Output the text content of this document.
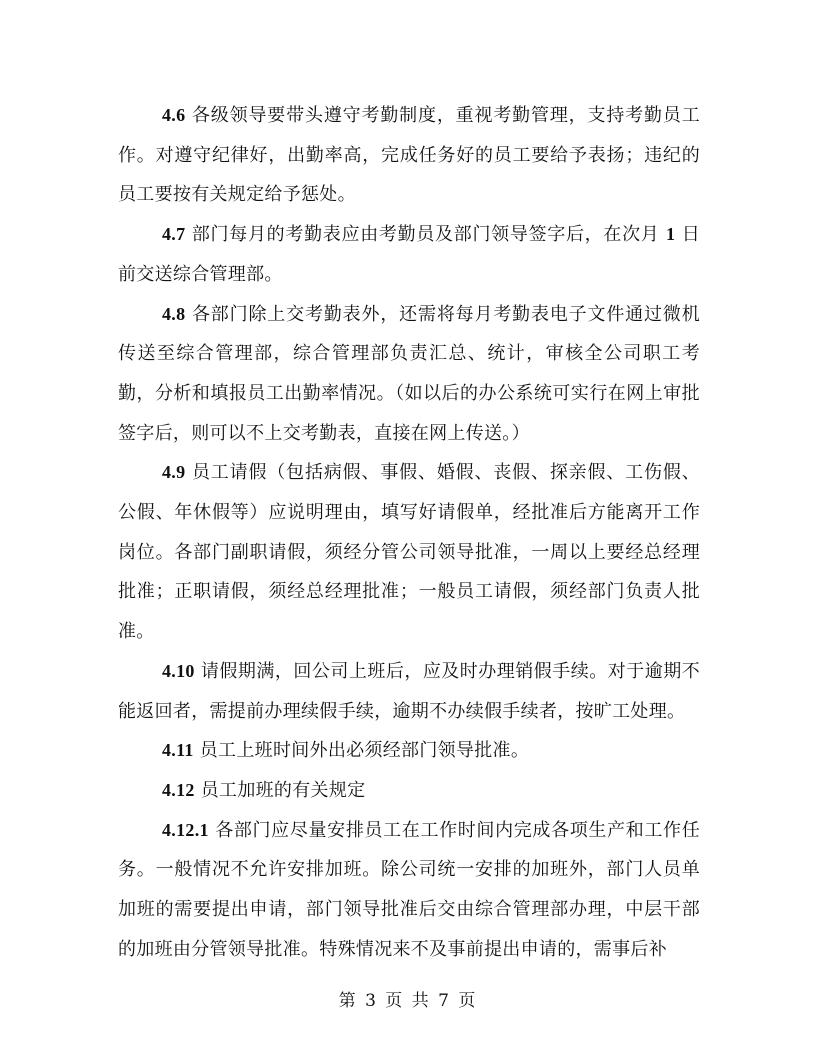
4.6 各级领导要带头遵守考勤制度，重视考勤管理，支持考勤员工作。对遵守纪律好，出勤率高，完成任务好的员工要给予表扬；违纪的员工要按有关规定给予惩处。

4.7 部门每月的考勤表应由考勤员及部门领导签字后，在次月 1 日前交送综合管理部。

4.8 各部门除上交考勤表外，还需将每月考勤表电子文件通过微机传送至综合管理部，综合管理部负责汇总、统计，审核全公司职工考勤，分析和填报员工出勤率情况。（如以后的办公系统可实行在网上审批签字后，则可以不上交考勤表，直接在网上传送。）

4.9 员工请假（包括病假、事假、婚假、丧假、探亲假、工伤假、公假、年休假等）应说明理由，填写好请假单，经批准后方能离开工作岗位。各部门副职请假，须经分管公司领导批准，一周以上要经总经理批准；正职请假，须经总经理批准；一般员工请假，须经部门负责人批准。

4.10 请假期满，回公司上班后，应及时办理销假手续。对于逾期不能返回者，需提前办理续假手续，逾期不办续假手续者，按旷工处理。

4.11 员工上班时间外出必须经部门领导批准。

4.12 员工加班的有关规定

4.12.1 各部门应尽量安排员工在工作时间内完成各项生产和工作任务。一般情况不允许安排加班。除公司统一安排的加班外，部门人员单加班的需要提出申请，部门领导批准后交由综合管理部办理，中层干部的加班由分管领导批准。特殊情况来不及事前提出申请的，需事后补

第 3 页 共 7 页
